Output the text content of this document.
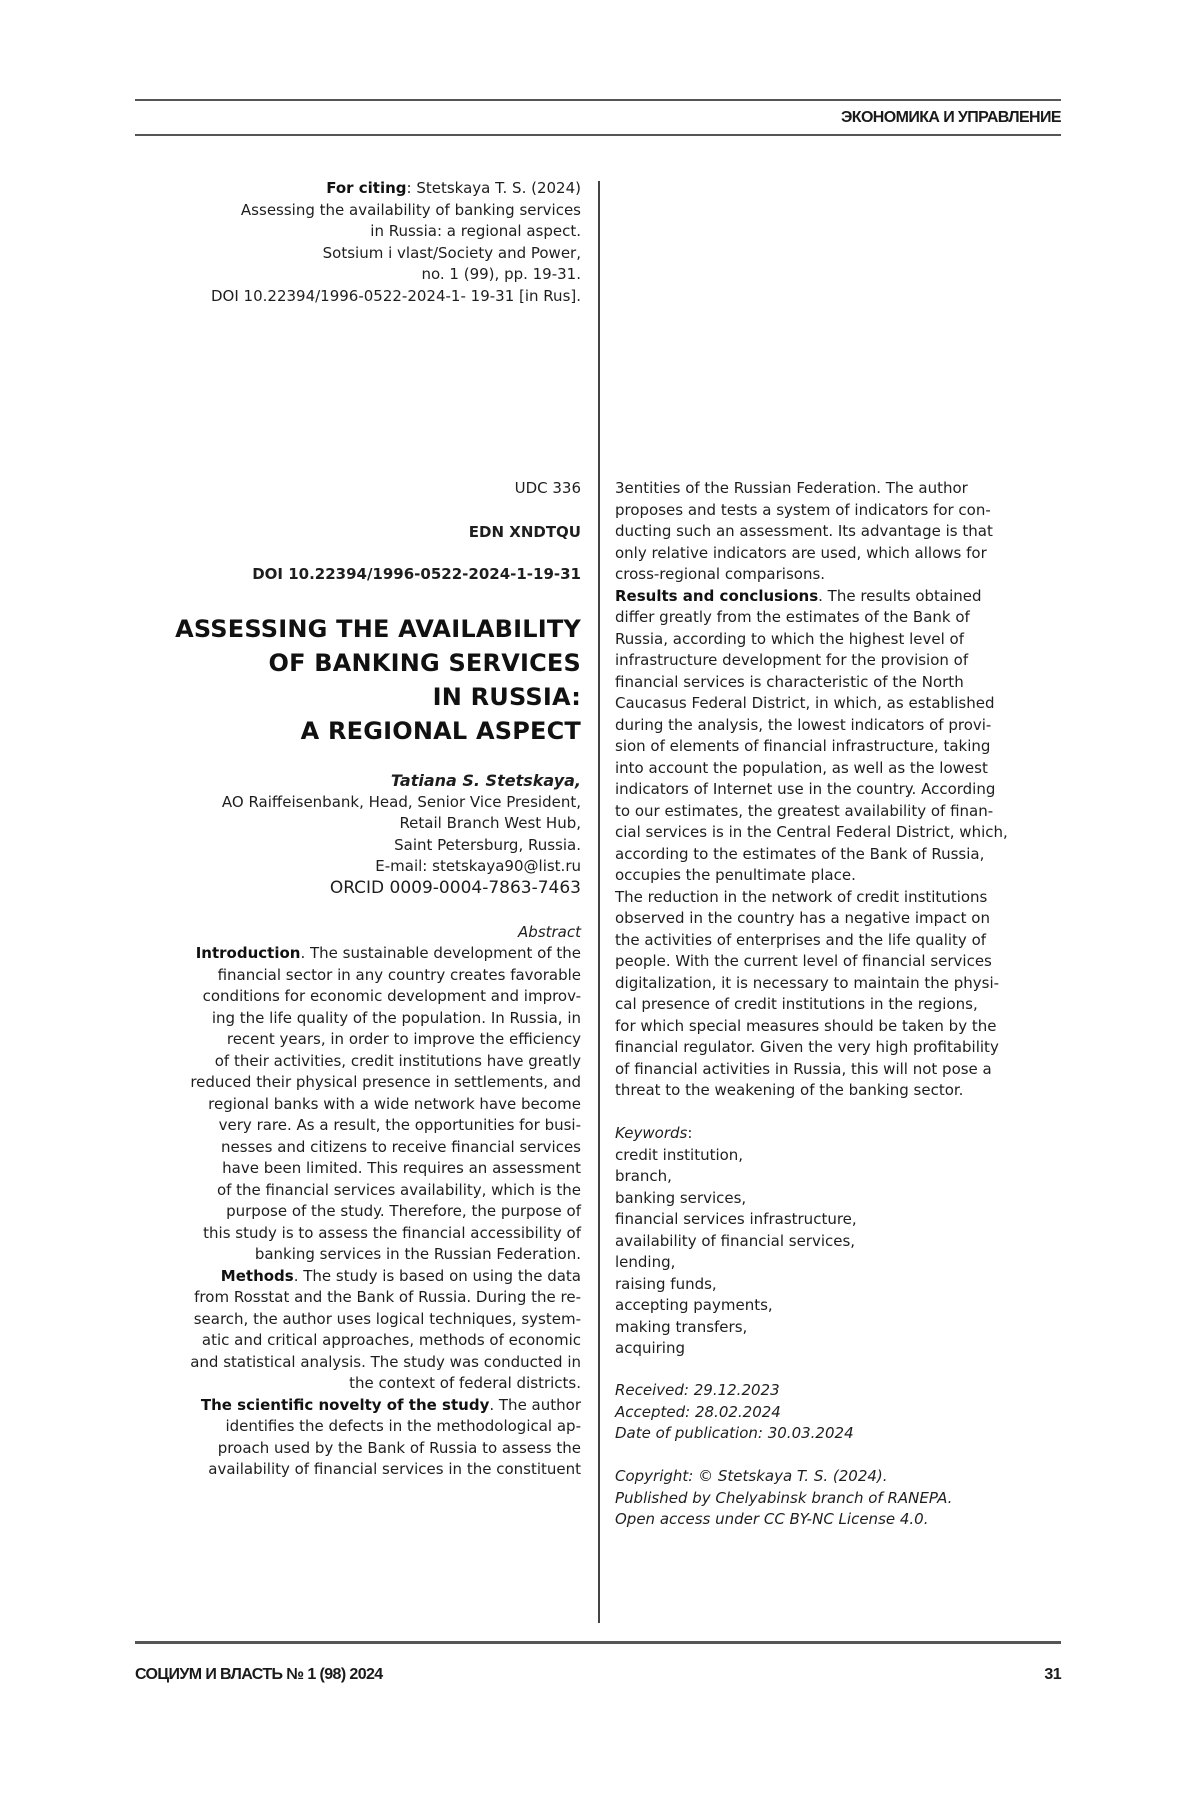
ЭКОНОМИКА И УПРАВЛЕНИЕ
For citing: Stetskaya T. S. (2024)
Assessing the availability of banking services
in Russia: a regional aspect.
Sotsium i vlast/Society and Power,
no. 1 (99), pp. 19-31.
DOI 10.22394/1996-0522-2024-1- 19-31 [in Rus].
UDC 336
EDN XNDTQU
DOI 10.22394/1996-0522-2024-1-19-31
ASSESSING THE AVAILABILITY
OF BANKING SERVICES
IN RUSSIA:
A REGIONAL ASPECT
Tatiana S. Stetskaya,
AO Raiffeisenbank, Head, Senior Vice President,
Retail Branch West Hub,
Saint Petersburg, Russia.
E-mail: stetskaya90@list.ru
ORCID 0009-0004-7863-7463
Abstract
Introduction. The sustainable development of the
financial sector in any country creates favorable
conditions for economic development and improv-
ing the life quality of the population. In Russia, in
recent years, in order to improve the efficiency
of their activities, credit institutions have greatly
reduced their physical presence in settlements, and
regional banks with a wide network have become
very rare. As a result, the opportunities for busi-
nesses and citizens to receive financial services
have been limited. This requires an assessment
of the financial services availability, which is the
purpose of the study. Therefore, the purpose of
this study is to assess the financial accessibility of
banking services in the Russian Federation.
Methods. The study is based on using the data
from Rosstat and the Bank of Russia. During the re-
search, the author uses logical techniques, system-
atic and critical approaches, methods of economic
and statistical analysis. The study was conducted in
the context of federal districts.
The scientific novelty of the study. The author
identifies the defects in the methodological ap-
proach used by the Bank of Russia to assess the
availability of financial services in the constituent
3entities of the Russian Federation. The author
proposes and tests a system of indicators for con-
ducting such an assessment. Its advantage is that
only relative indicators are used, which allows for
cross-regional comparisons.
Results and conclusions. The results obtained
differ greatly from the estimates of the Bank of
Russia, according to which the highest level of
infrastructure development for the provision of
financial services is characteristic of the North
Caucasus Federal District, in which, as established
during the analysis, the lowest indicators of provi-
sion of elements of financial infrastructure, taking
into account the population, as well as the lowest
indicators of Internet use in the country. According
to our estimates, the greatest availability of finan-
cial services is in the Central Federal District, which,
according to the estimates of the Bank of Russia,
occupies the penultimate place.
The reduction in the network of credit institutions
observed in the country has a negative impact on
the activities of enterprises and the life quality of
people. With the current level of financial services
digitalization, it is necessary to maintain the physi-
cal presence of credit institutions in the regions,
for which special measures should be taken by the
financial regulator. Given the very high profitability
of financial activities in Russia, this will not pose a
threat to the weakening of the banking sector.
Keywords:
credit institution,
branch,
banking services,
financial services infrastructure,
availability of financial services,
lending,
raising funds,
accepting payments,
making transfers,
acquiring
Received: 29.12.2023
Accepted: 28.02.2024
Date of publication: 30.03.2024
Copyright: © Stetskaya T. S. (2024).
Published by Chelyabinsk branch of RANEPA.
Open access under CC BY-NC License 4.0.
СОЦИУМ И ВЛАСТЬ № 1 (98) 2024	31
